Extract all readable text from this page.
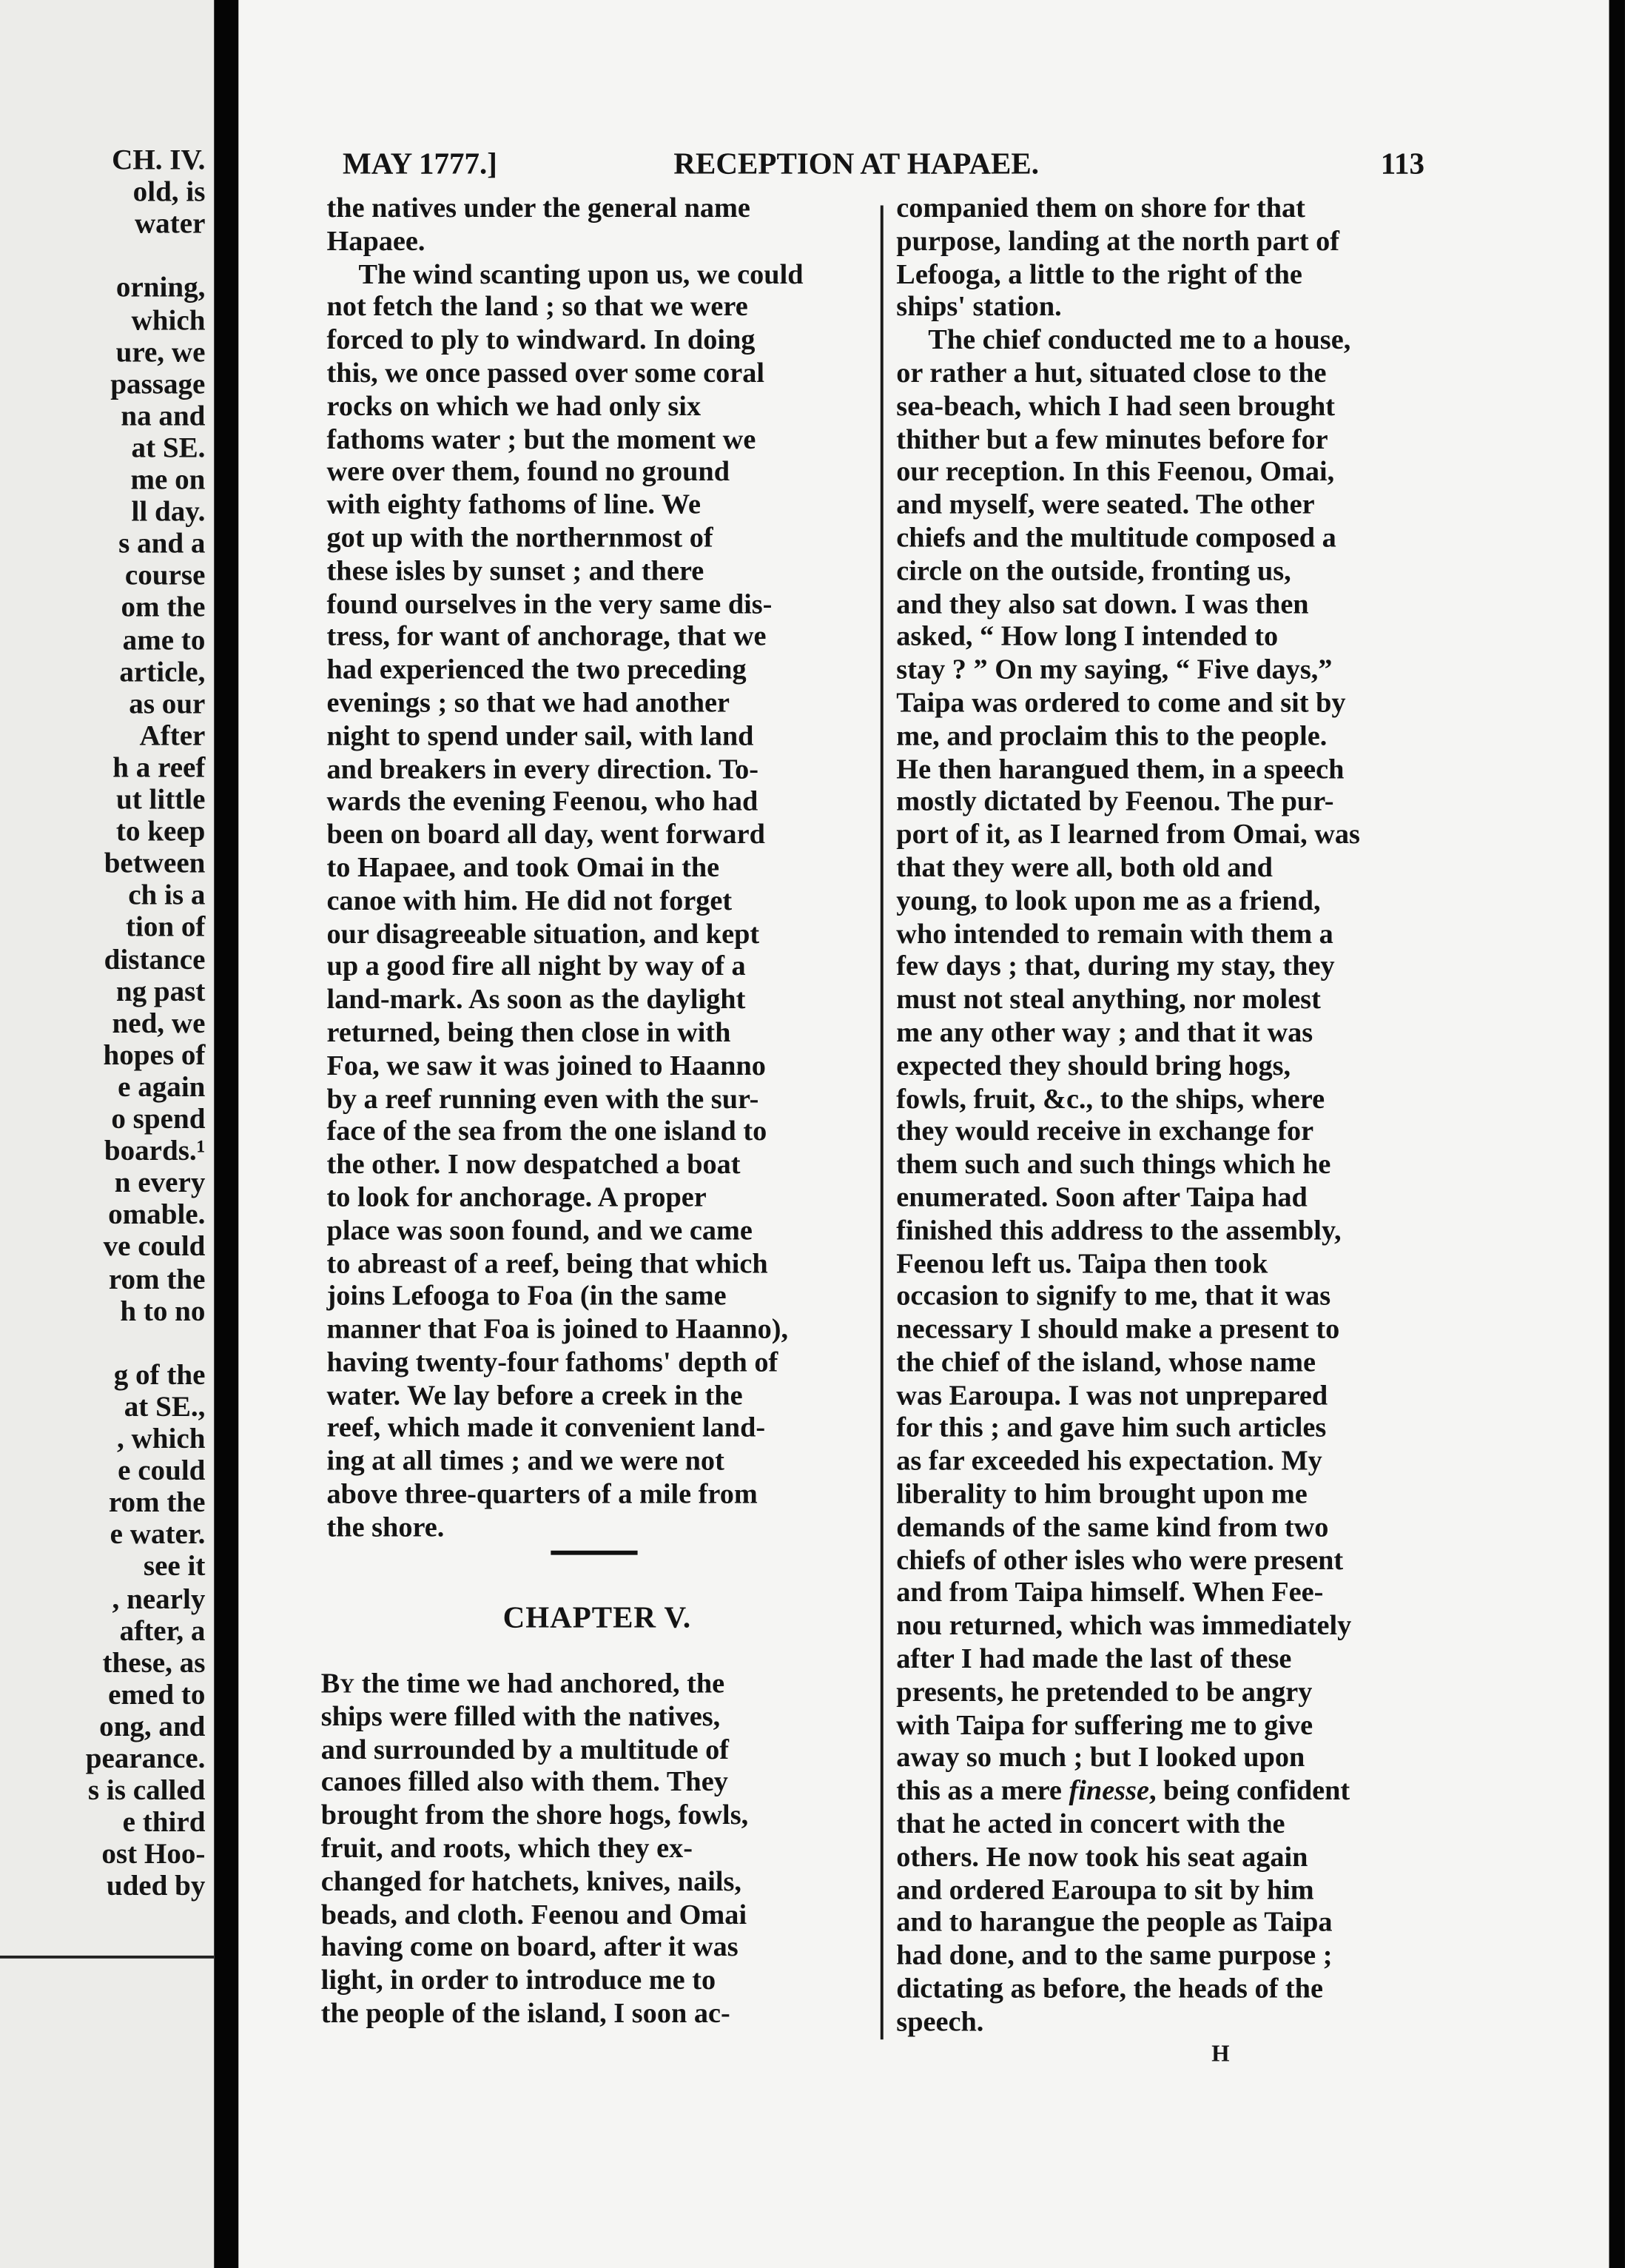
CH. IV.
old, is
water
orning,
which
ure, we
passage
na and
at SE.
me on
ll day.
s and a
course
om the
ame to
article,
as our
After
h a reef
ut little
to keep
between
ch is a
tion of
distance
ng past
ned, we
hopes of
e again
o spend
boards.¹
n every
omable.
ve could
rom the
h to no
g of the
at SE.,
, which
e could
rom the
e water.
see it
, nearly
after, a
these, as
emed to
ong, and
pearance.
s is called
e third
ost Hoo-
uded by
MAY 1777.]	RECEPTION AT HAPAEE.	113
the natives under the general name
Hapaee.
The wind scanting upon us, we could
not fetch the land ; so that we were
forced to ply to windward. In doing
this, we once passed over some coral
rocks on which we had only six
fathoms water ; but the moment we
were over them, found no ground
with eighty fathoms of line. We
got up with the northernmost of
these isles by sunset ; and there
found ourselves in the very same dis-
tress, for want of anchorage, that we
had experienced the two preceding
evenings ; so that we had another
night to spend under sail, with land
and breakers in every direction. To-
wards the evening Feenou, who had
been on board all day, went forward
to Hapaee, and took Omai in the
canoe with him. He did not forget
our disagreeable situation, and kept
up a good fire all night by way of a
land-mark. As soon as the daylight
returned, being then close in with
Foa, we saw it was joined to Haanno
by a reef running even with the sur-
face of the sea from the one island to
the other. I now despatched a boat
to look for anchorage. A proper
place was soon found, and we came
to abreast of a reef, being that which
joins Lefooga to Foa (in the same
manner that Foa is joined to Haanno),
having twenty-four fathoms' depth of
water. We lay before a creek in the
reef, which made it convenient land-
ing at all times ; and we were not
above three-quarters of a mile from
the shore.
CHAPTER V.
By the time we had anchored, the
ships were filled with the natives,
and surrounded by a multitude of
canoes filled also with them. They
brought from the shore hogs, fowls,
fruit, and roots, which they ex-
changed for hatchets, knives, nails,
beads, and cloth. Feenou and Omai
having come on board, after it was
light, in order to introduce me to
the people of the island, I soon ac-
companied them on shore for that
purpose, landing at the north part of
Lefooga, a little to the right of the
ships' station.
The chief conducted me to a house,
or rather a hut, situated close to the
sea-beach, which I had seen brought
thither but a few minutes before for
our reception. In this Feenou, Omai,
and myself, were seated. The other
chiefs and the multitude composed a
circle on the outside, fronting us,
and they also sat down. I was then
asked, “ How long I intended to
stay ? ” On my saying, “ Five days,”
Taipa was ordered to come and sit by
me, and proclaim this to the people.
He then harangued them, in a speech
mostly dictated by Feenou. The pur-
port of it, as I learned from Omai, was
that they were all, both old and
young, to look upon me as a friend,
who intended to remain with them a
few days ; that, during my stay, they
must not steal anything, nor molest
me any other way ; and that it was
expected they should bring hogs,
fowls, fruit, &c., to the ships, where
they would receive in exchange for
them such and such things which he
enumerated. Soon after Taipa had
finished this address to the assembly,
Feenou left us. Taipa then took
occasion to signify to me, that it was
necessary I should make a present to
the chief of the island, whose name
was Earoupa. I was not unprepared
for this ; and gave him such articles
as far exceeded his expectation. My
liberality to him brought upon me
demands of the same kind from two
chiefs of other isles who were present
and from Taipa himself. When Fee-
nou returned, which was immediately
after I had made the last of these
presents, he pretended to be angry
with Taipa for suffering me to give
away so much ; but I looked upon
this as a mere finesse, being confident
that he acted in concert with the
others. He now took his seat again
and ordered Earoupa to sit by him
and to harangue the people as Taipa
had done, and to the same purpose ;
dictating as before, the heads of the
speech.
H
